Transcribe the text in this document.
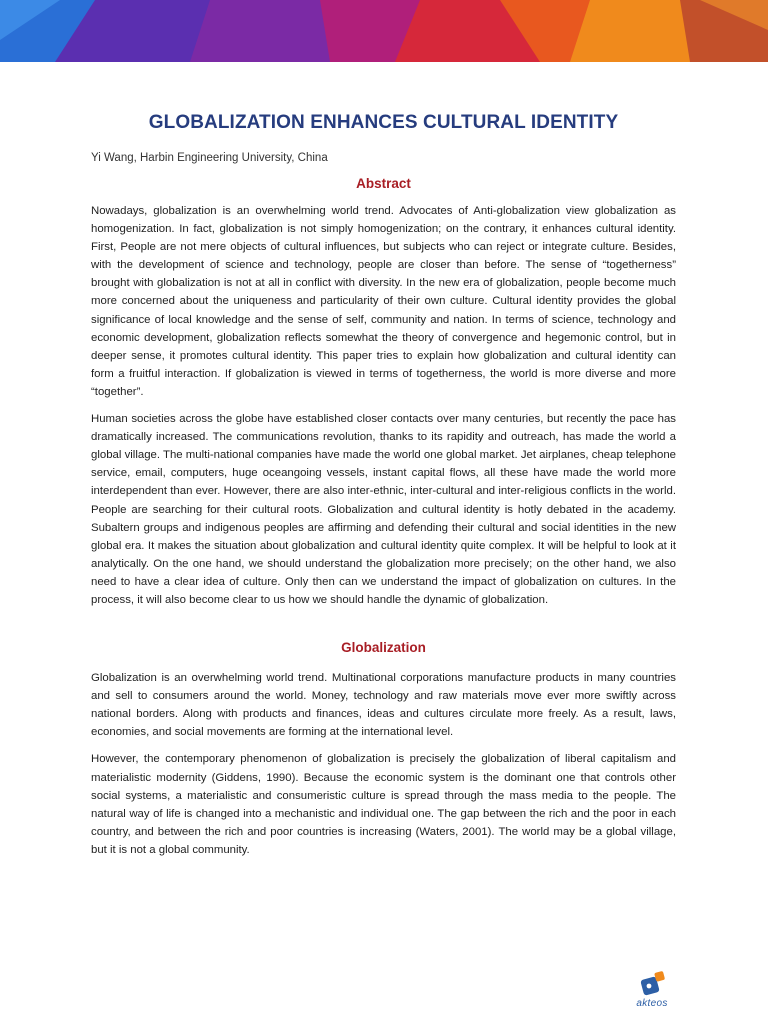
GLOBALIZATION ENHANCES CULTURAL IDENTITY

Yi Wang, Harbin Engineering University, China

Abstract

Nowadays, globalization is an overwhelming world trend. Advocates of Anti-globalization view globalization as homogenization. In fact, globalization is not simply homogenization; on the contrary, it enhances cultural identity. First, People are not mere objects of cultural influences, but subjects who can reject or integrate culture. Besides, with the development of science and technology, people are closer than before. The sense of “togetherness” brought with globalization is not at all in conflict with diversity. In the new era of globalization, people become much more concerned about the uniqueness and particularity of their own culture. Cultural identity provides the global significance of local knowledge and the sense of self, community and nation. In terms of science, technology and economic development, globalization reflects somewhat the theory of convergence and hegemonic control, but in deeper sense, it promotes cultural identity. This paper tries to explain how globalization and cultural identity can form a fruitful interaction. If globalization is viewed in terms of togetherness, the world is more diverse and more “together”.

Human societies across the globe have established closer contacts over many centuries, but recently the pace has dramatically increased. The communications revolution, thanks to its rapidity and outreach, has made the world a global village. The multi-national companies have made the world one global market. Jet airplanes, cheap telephone service, email, computers, huge oceangoing vessels, instant capital flows, all these have made the world more interdependent than ever. However, there are also inter-ethnic, inter-cultural and inter-religious conflicts in the world. People are searching for their cultural roots. Globalization and cultural identity is hotly debated in the academy. Subaltern groups and indigenous peoples are affirming and defending their cultural and social identities in the new global era. It makes the situation about globalization and cultural identity quite complex. It will be helpful to look at it analytically. On the one hand, we should understand the globalization more precisely; on the other hand, we also need to have a clear idea of culture. Only then can we understand the impact of globalization on cultures. In the process, it will also become clear to us how we should handle the dynamic of globalization.

Globalization

Globalization is an overwhelming world trend. Multinational corporations manufacture products in many countries and sell to consumers around the world. Money, technology and raw materials move ever more swiftly across national borders. Along with products and finances, ideas and cultures circulate more freely. As a result, laws, economies, and social movements are forming at the international level.

However, the contemporary phenomenon of globalization is precisely the globalization of liberal capitalism and materialistic modernity (Giddens, 1990). Because the economic system is the dominant one that controls other social systems, a materialistic and consumeristic culture is spread through the mass media to the people. The natural way of life is changed into a mechanistic and individual one. The gap between the rich and the poor in each country, and between the rich and poor countries is increasing (Waters, 2001). The world may be a global village, but it is not a global community.

akteos
